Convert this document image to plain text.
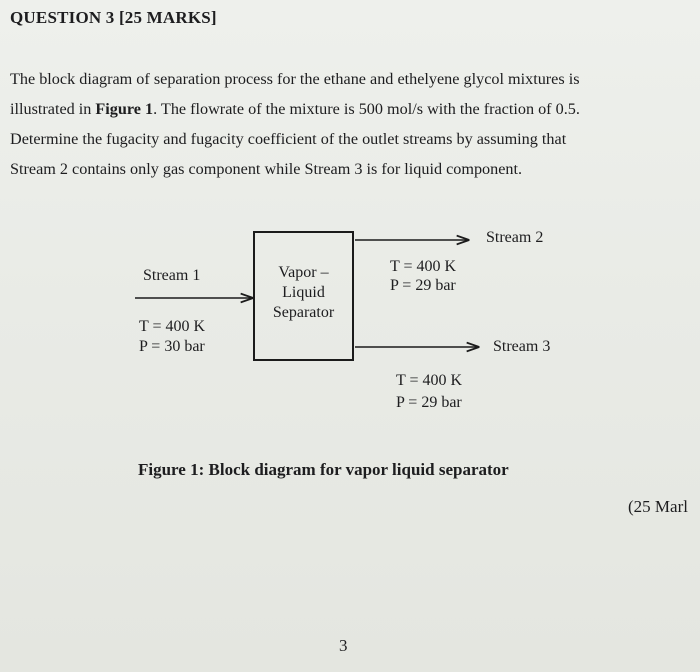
QUESTION 3 [25 MARKS]
The block diagram of separation process for the ethane and ethelyene glycol mixtures is
illustrated in Figure 1. The flowrate of the mixture is 500 mol/s with the fraction of 0.5.
Determine the fugacity and fugacity coefficient of the outlet streams by assuming that
Stream 2 contains only gas component while Stream 3 is for liquid component.
Vapor –
Liquid
Separator
Stream 1
T = 400 K
P = 30 bar
Stream 2
T = 400 K
P = 29 bar
Stream 3
T = 400 K
P = 29 bar
Figure 1: Block diagram for vapor liquid separator
(25 Marl
3
